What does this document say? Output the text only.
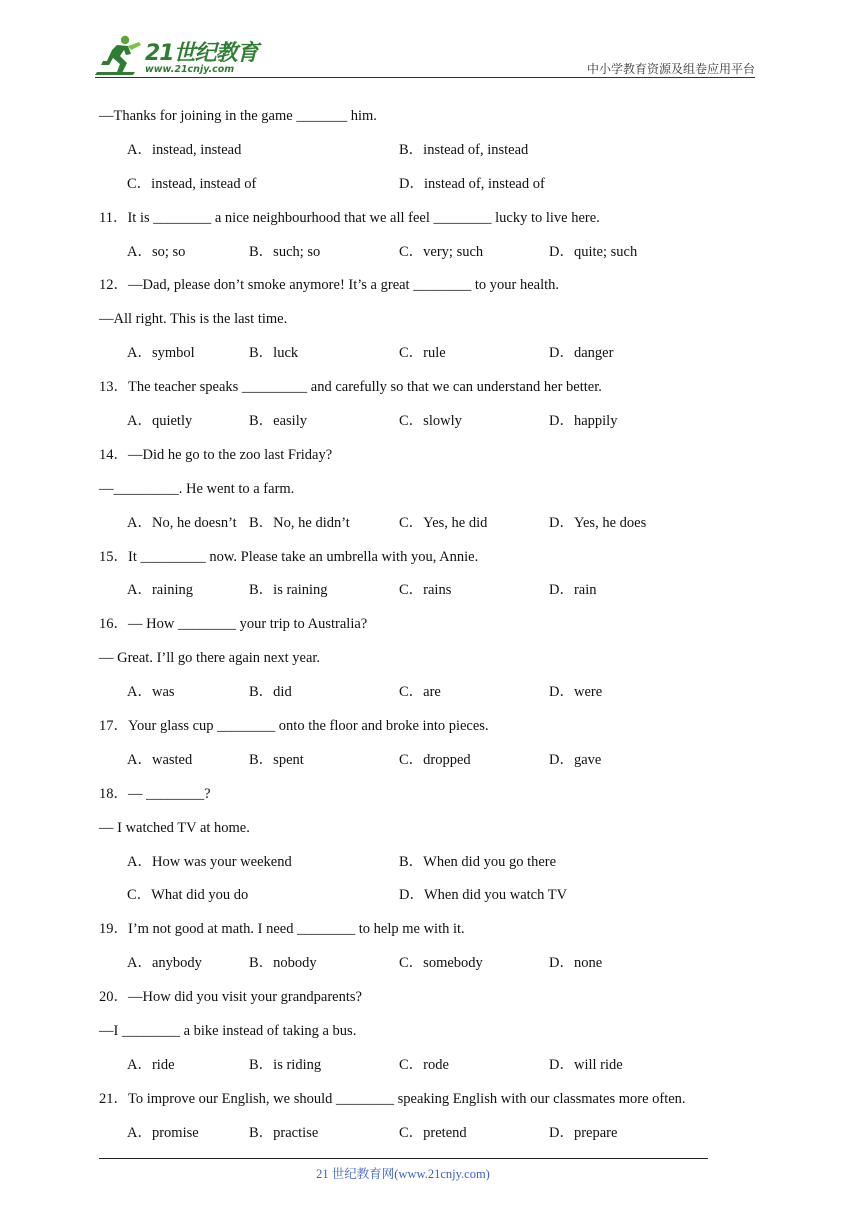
21世纪教育
www.21cnjy.com	中小学教育资源及组卷应用平台
—Thanks for joining in the game _______ him.
A．instead, instead	B．instead of, instead
C．instead, instead of	D．instead of, instead of
11．It is ________ a nice neighbourhood that we all feel ________ lucky to live here.
A．so; so	B．such; so	C．very; such	D．quite; such
12．—Dad, please don’t smoke anymore! It’s a great ________ to your health.
—All right. This is the last time.
A．symbol	B．luck	C．rule	D．danger
13．The teacher speaks _________ and carefully so that we can understand her better.
A．quietly	B．easily	C．slowly	D．happily
14．—Did he go to the zoo last Friday?
—_________. He went to a farm.
A．No, he doesn’t B．No, he didn’t	C．Yes, he did	D．Yes, he does
15．It _________ now. Please take an umbrella with you, Annie.
A．raining	B．is raining	C．rains	D．rain
16．— How ________ your trip to Australia?
— Great. I’ll go there again next year.
A．was	B．did	C．are	D．were
17．Your glass cup ________ onto the floor and broke into pieces.
A．wasted	B．spent	C．dropped	D．gave
18．— ________?
— I watched TV at home.
A．How was your weekend	B．When did you go there
C．What did you do	D．When did you watch TV
19．I’m not good at math. I need ________ to help me with it.
A．anybody	B．nobody	C．somebody	D．none
20．—How did you visit your grandparents?
—I ________ a bike instead of taking a bus.
A．ride	B．is riding	C．rode	D．will ride
21．To improve our English, we should ________ speaking English with our classmates more often.
A．promise	B．practise	C．pretend	D．prepare
21 世纪教育网(www.21cnjy.com)
